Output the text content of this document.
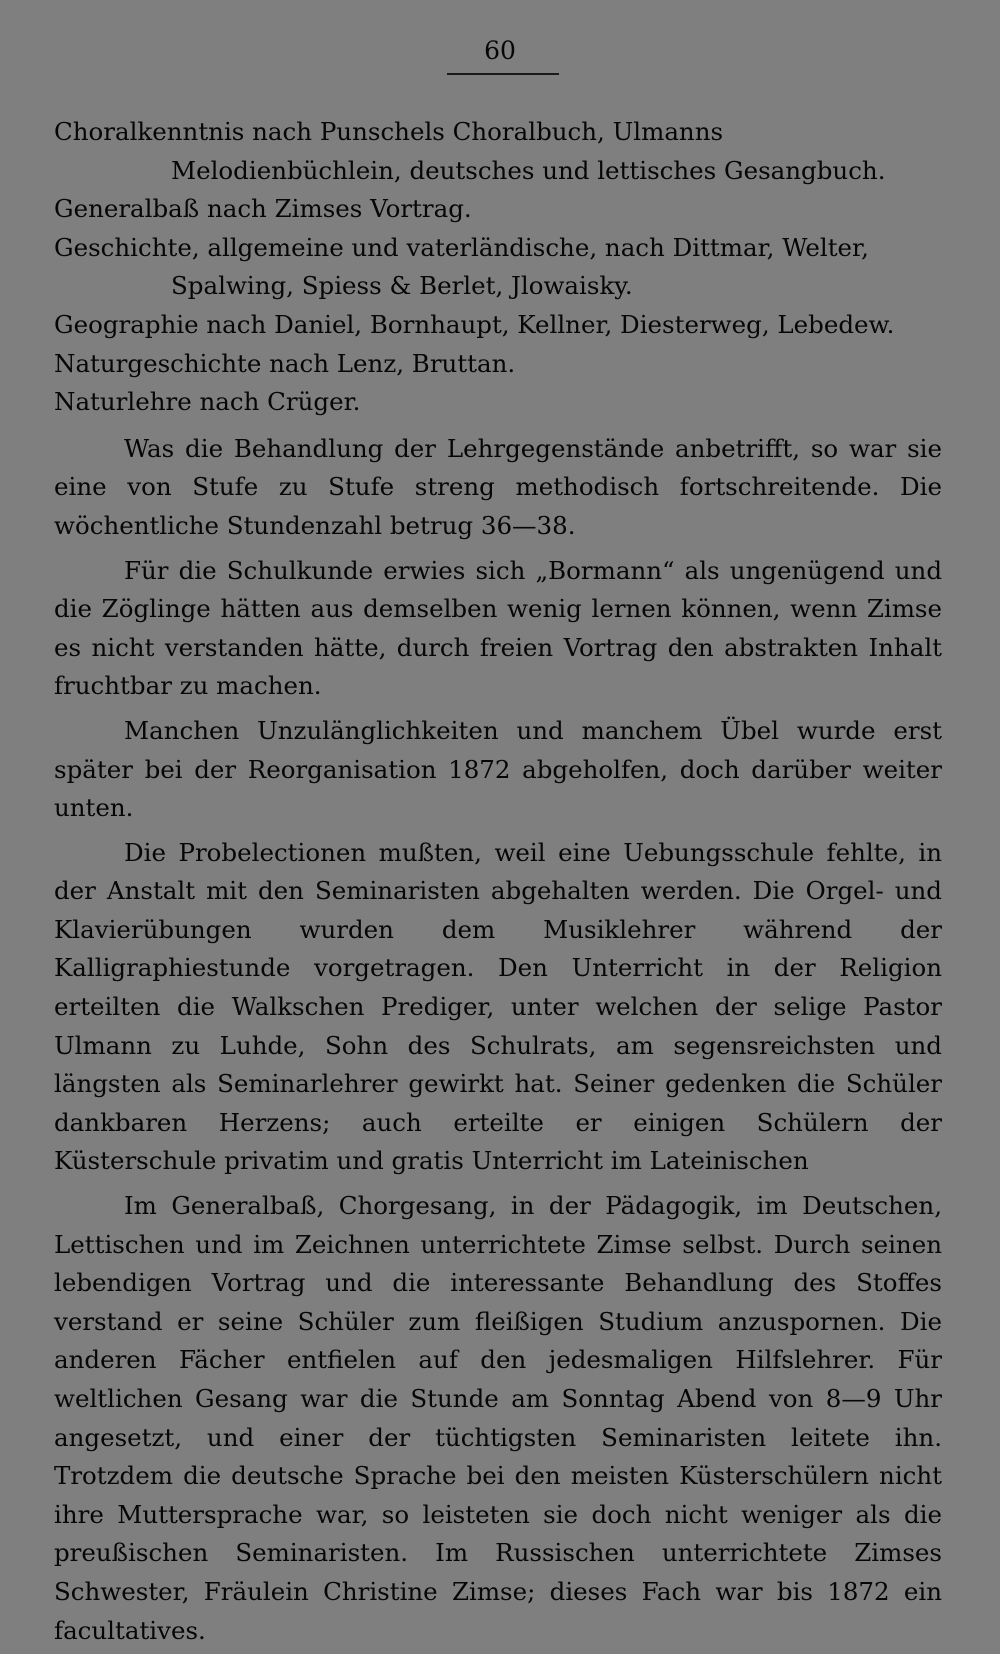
60

Choralkenntnis nach Punschels Choralbuch, Ulmanns Melodienbüchlein, deutsches und lettisches Gesangbuch.

Generalbaß nach Zimses Vortrag.

Geschichte, allgemeine und vaterländische, nach Dittmar, Welter, Spalwing, Spiess & Berlet, Jlowaisky.

Geographie nach Daniel, Bornhaupt, Kellner, Diesterweg, Lebedew.

Naturgeschichte nach Lenz, Bruttan.

Naturlehre nach Crüger.

Was die Behandlung der Lehrgegenstände anbetrifft, so war sie eine von Stufe zu Stufe streng methodisch fortschreitende. Die wöchentliche Stundenzahl betrug 36—38.

Für die Schulkunde erwies sich „Bormann“ als ungenügend und die Zöglinge hätten aus demselben wenig lernen können, wenn Zimse es nicht verstanden hätte, durch freien Vortrag den abstrakten Inhalt fruchtbar zu machen.

Manchen Unzulänglichkeiten und manchem Übel wurde erst später bei der Reorganisation 1872 abgeholfen, doch darüber weiter unten.

Die Probelectionen mußten, weil eine Uebungsschule fehlte, in der Anstalt mit den Seminaristen abgehalten werden. Die Orgel- und Klavierübungen wurden dem Musiklehrer während der Kalligraphiestunde vorgetragen. Den Unterricht in der Religion erteilten die Walkschen Prediger, unter welchen der selige Pastor Ulmann zu Luhde, Sohn des Schulrats, am segensreichsten und längsten als Seminarlehrer gewirkt hat. Seiner gedenken die Schüler dankbaren Herzens; auch erteilte er einigen Schülern der Küsterschule privatim und gratis Unterricht im Lateinischen

Im Generalbaß, Chorgesang, in der Pädagogik, im Deutschen, Lettischen und im Zeichnen unterrichtete Zimse selbst. Durch seinen lebendigen Vortrag und die interessante Behandlung des Stoffes verstand er seine Schüler zum fleißigen Studium anzuspornen. Die anderen Fächer entfielen auf den jedesmaligen Hilfslehrer. Für weltlichen Gesang war die Stunde am Sonntag Abend von 8—9 Uhr angesetzt, und einer der tüchtigsten Seminaristen leitete ihn. Trotzdem die deutsche Sprache bei den meisten Küsterschülern nicht ihre Muttersprache war, so leisteten sie doch nicht weniger als die preußischen Seminaristen. Im Russischen unterrichtete Zimses Schwester, Fräulein Christine Zimse; dieses Fach war bis 1872 ein facultatives.
